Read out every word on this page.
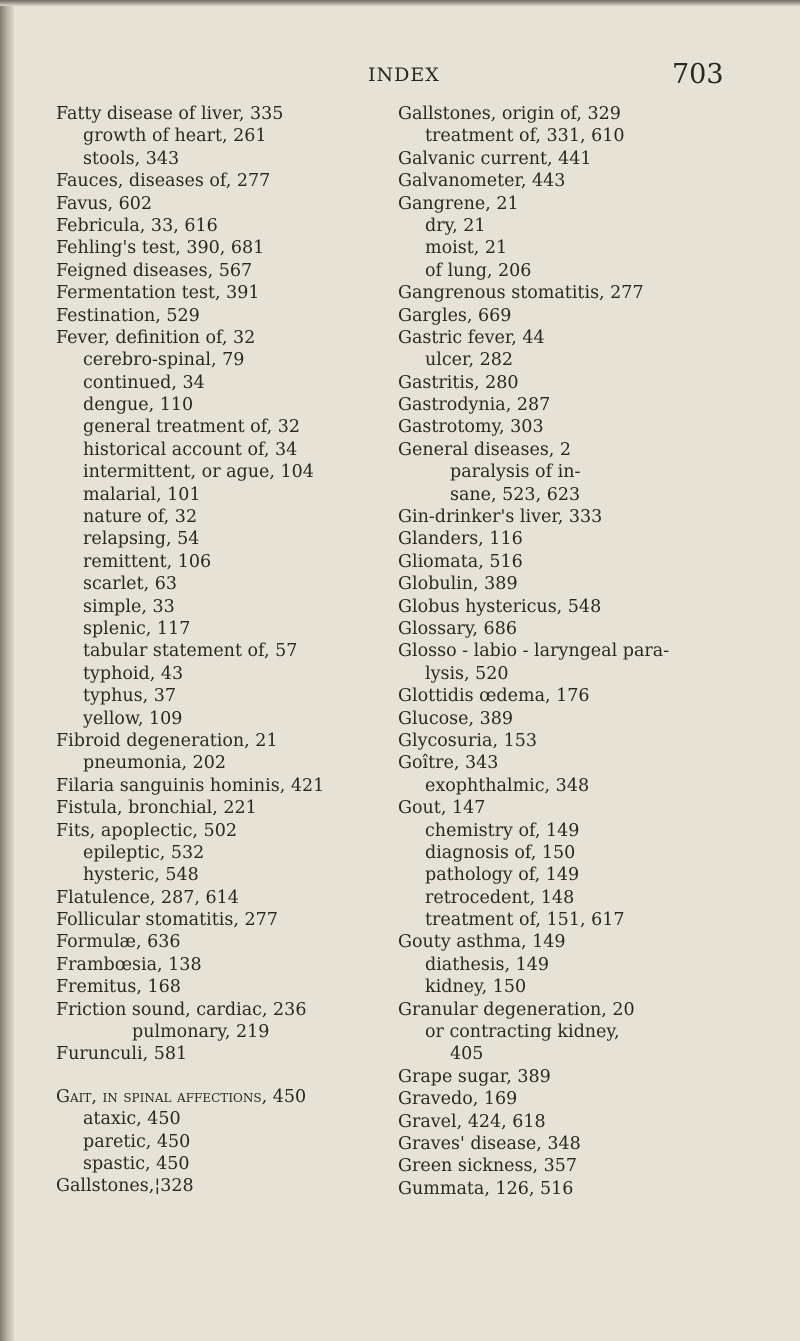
INDEX	703
Fatty disease of liver, 335
growth of heart, 261
stools, 343
Fauces, diseases of, 277
Favus, 602
Febricula, 33, 616
Fehling's test, 390, 681
Feigned diseases, 567
Fermentation test, 391
Festination, 529
Fever, definition of, 32
cerebro-spinal, 79
continued, 34
dengue, 110
general treatment of, 32
historical account of, 34
intermittent, or ague, 104
malarial, 101
nature of, 32
relapsing, 54
remittent, 106
scarlet, 63
simple, 33
splenic, 117
tabular statement of, 57
typhoid, 43
typhus, 37
yellow, 109
Fibroid degeneration, 21
pneumonia, 202
Filaria sanguinis hominis, 421
Fistula, bronchial, 221
Fits, apoplectic, 502
epileptic, 532
hysteric, 548
Flatulence, 287, 614
Follicular stomatitis, 277
Formulæ, 636
Frambœsia, 138
Fremitus, 168
Friction sound, cardiac, 236
pulmonary, 219
Furunculi, 581
Gait, in spinal affections, 450
ataxic, 450
paretic, 450
spastic, 450
Gallstones,¦328
Gallstones, origin of, 329
treatment of, 331, 610
Galvanic current, 441
Galvanometer, 443
Gangrene, 21
dry, 21
moist, 21
of lung, 206
Gangrenous stomatitis, 277
Gargles, 669
Gastric fever, 44
ulcer, 282
Gastritis, 280
Gastrodynia, 287
Gastrotomy, 303
General diseases, 2
paralysis of in-
sane, 523, 623
Gin-drinker's liver, 333
Glanders, 116
Gliomata, 516
Globulin, 389
Globus hystericus, 548
Glossary, 686
Glosso - labio - laryngeal para-
lysis, 520
Glottidis œdema, 176
Glucose, 389
Glycosuria, 153
Goître, 343
exophthalmic, 348
Gout, 147
chemistry of, 149
diagnosis of, 150
pathology of, 149
retrocedent, 148
treatment of, 151, 617
Gouty asthma, 149
diathesis, 149
kidney, 150
Granular degeneration, 20
or contracting kidney,
405
Grape sugar, 389
Gravedo, 169
Gravel, 424, 618
Graves' disease, 348
Green sickness, 357
Gummata, 126, 516
